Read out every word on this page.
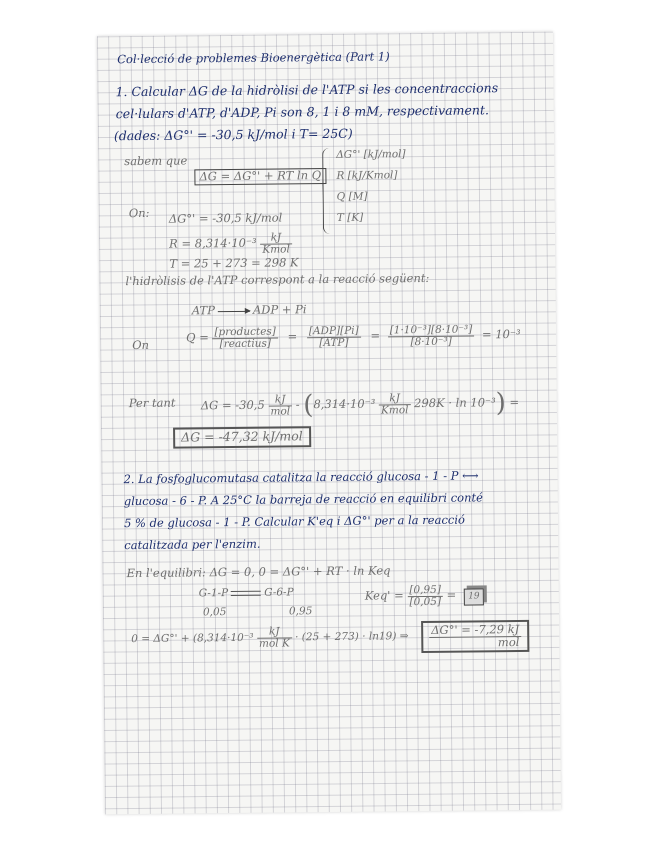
Col·lecció de problemes Bioenergètica (Part 1)
1. Calcular ΔG de la hidròlisi de l'ATP si les concentraccions
cel·lulars d'ATP, d'ADP, Pi son 8, 1 i 8 mM, respectivament.
(dades: ΔG°' = -30,5 kJ/mol i T= 25C)
sabem que
ΔG = ΔG°' + RT ln Q
ΔG°' [kJ/mol]
R [kJ/Kmol]
Q [M]
T [K]
On: ΔG°' = -30,5 kJ/mol
$R = 8,314\cdot 10^{-3} \frac{kJ}{\text{Kmol}}$
T = 25 + 273 = 298 K
l'hidròlisis de l'ATP correspont a la reacció següent:
ATP	ADP + Pi
On
$Q = \frac{\text{[productes]}}{\text{[reactius]}} = \frac{\text{[ADP][Pi]}}{\text{[ATP]}} = \frac{\text{[1·10⁻³][8·10⁻³]}}{\text{[8·10⁻³]}} = 10^{-3}$
Per tant $\Delta G = -30,5 \frac{kJ}{\text{mol}} - (8,314\cdot 10^{-3} \frac{kJ}{\text{Kmol}} 298K \cdot \ln 10^{-3})$ =
ΔG = -47,32 kJ/mol
2. La fosfoglucomutasa catalitza la reacció glucosa - 1 - P ⟷
glucosa - 6 - P. A 25°C la barreja de reacció en equilibri conté
5 % de glucosa - 1 - P. Calcular K'eq i ΔG°' per a la reacció
catalitzada per l'enzim.
En l'equilibri: ΔG = 0, 0 = ΔG°' + RT · ln Keq
G-1-P	G-6-P
0,05	0,95
$Keq' = \frac{[0,95]}{[0,05]} = 19$
$0 = \Delta G^\circ' + (8,314\cdot 10^{-3} \frac{kJ}{\text{mol K}} \cdot (25 + 273) \cdot \ln 19)$ ⇒ $\frac{\Delta G^\circ' = -7,29 kJ}{\text{mol}}$
